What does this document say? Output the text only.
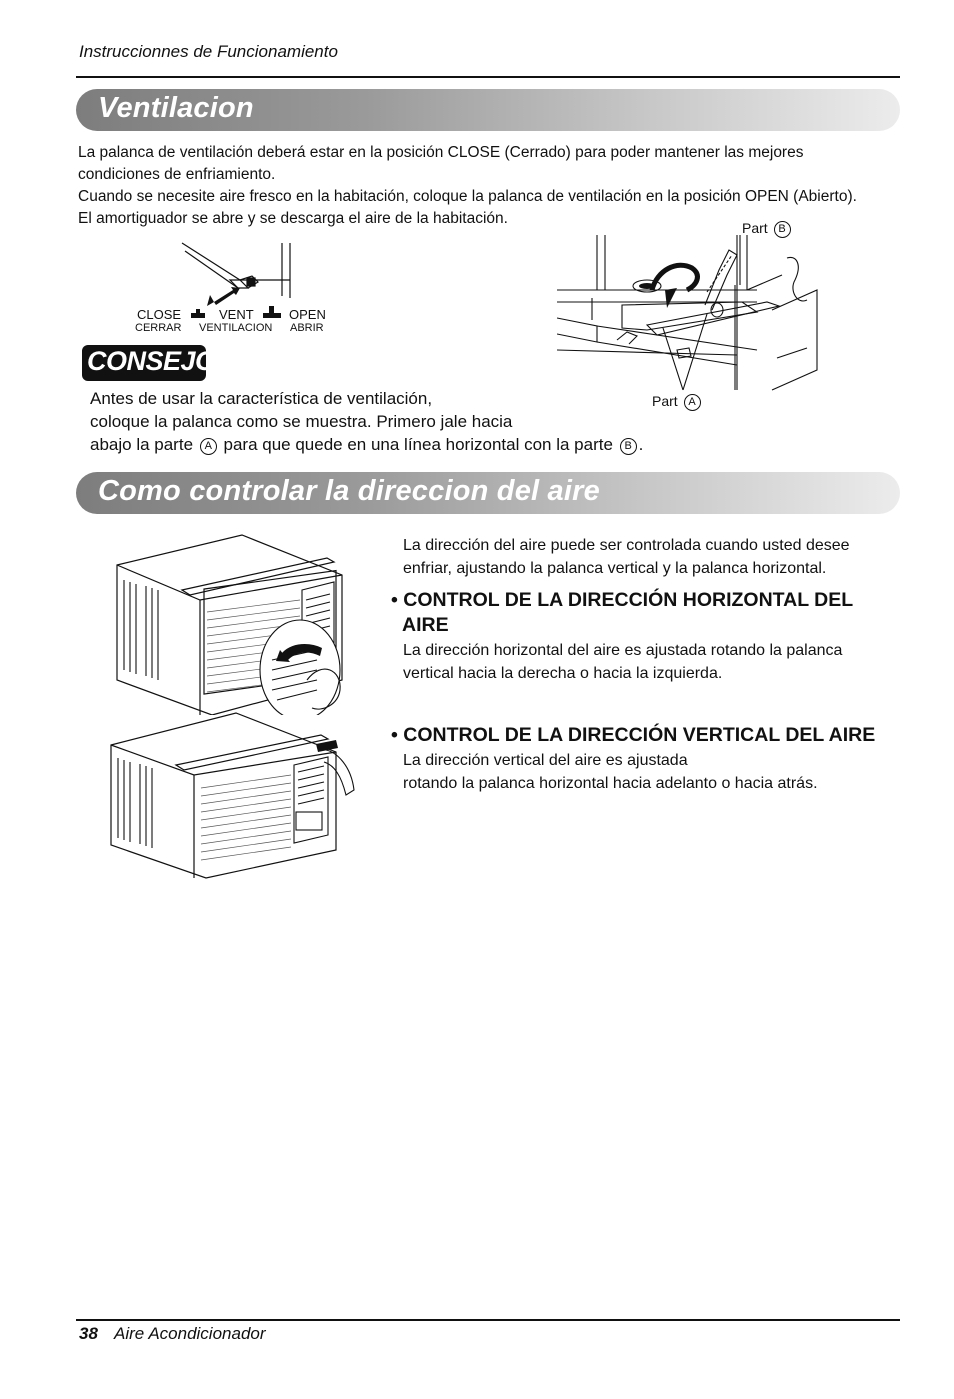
Instruccionnes de Funcionamiento
Ventilacion
La palanca de ventilación deberá estar en la posición CLOSE (Cerrado) para poder mantener las mejores
condiciones de enfriamiento.
Cuando se necesite aire fresco en la habitación, coloque la palanca de ventilación en la posición OPEN (Abierto).
El amortiguador se abre y se descarga el aire de la habitación.
CLOSE	VENT	OPEN
CERRAR VENTILACION ABRIR
Part B
Part A
CONSEJO
Antes de usar la característica de ventilación,
coloque la palanca como se muestra. Primero jale hacia
abajo la parte A para que quede en una línea horizontal con la parte B .
Como controlar la direccion del aire
La dirección del aire puede ser controlada cuando usted desee
enfriar, ajustando la palanca vertical y la palanca horizontal.
• CONTROL DE LA DIRECCIÓN HORIZONTAL DEL
AIRE
La dirección horizontal del aire es ajustada rotando la palanca
vertical hacia la derecha o hacia la izquierda.
• CONTROL DE LA DIRECCIÓN VERTICAL DEL AIRE
La dirección vertical del aire es ajustada
rotando la palanca horizontal hacia adelanto o hacia atrás.
38 Aire Acondicionador
